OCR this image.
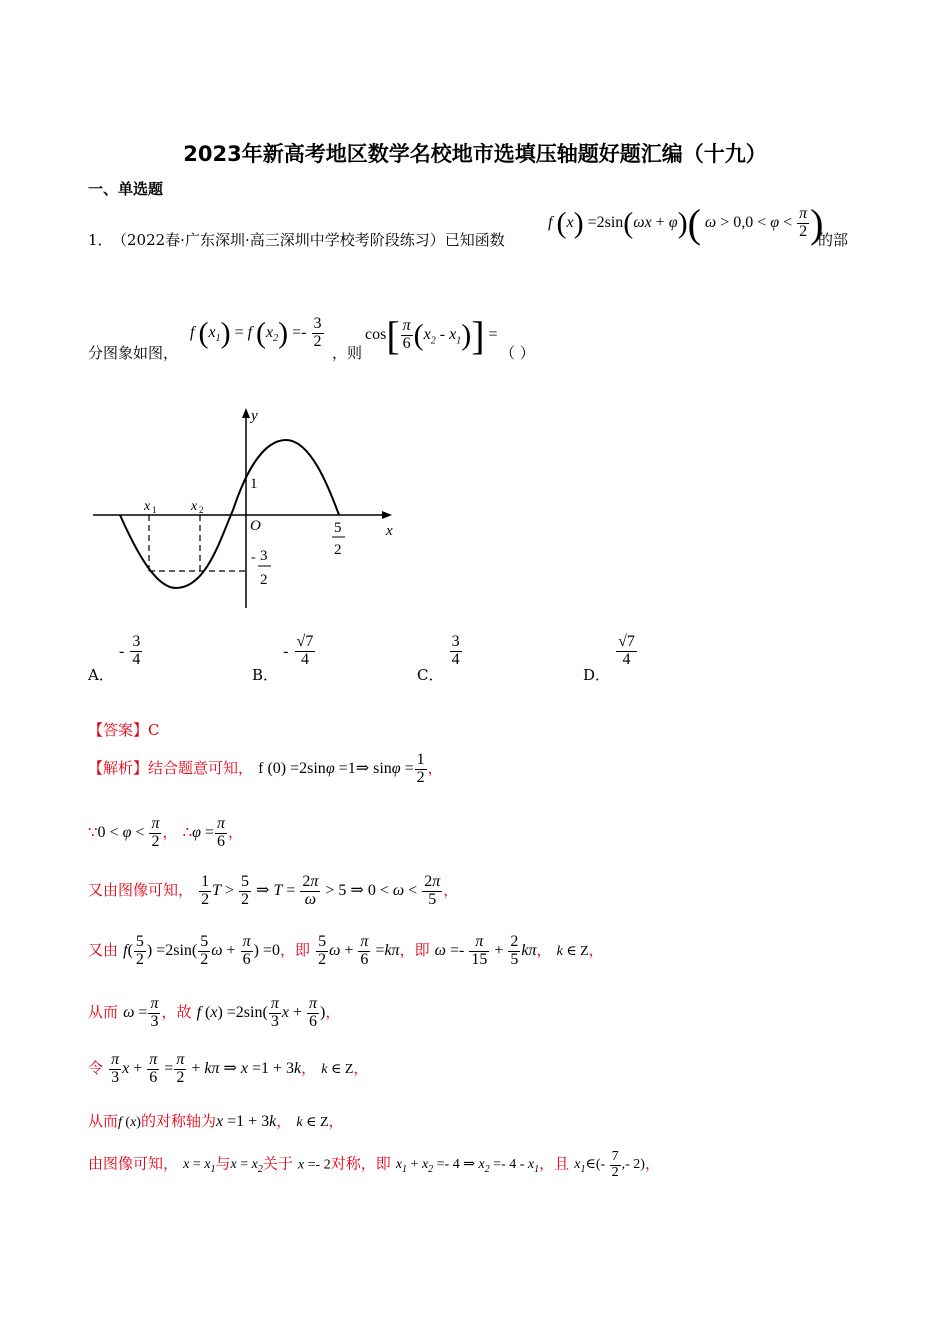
2023年新高考地区数学名校地市选填压轴题好题汇编（十九）
一、单选题
1． （2022春·广东深圳·高三深圳中学校考阶段练习）已知函数
f (x) =2sin(ωx + φ)( $\omega > 0,0 < \varphi < \frac{\pi}{2}$ )
的部
分图象如图，
f $(x_1) = f$ $(x_2) =- \frac{3}{2}$
，则
$\cos[ \frac{\pi}{6} (x_2 - x_1)]$ =
（ ）
y
x
O
x 1 x 2
1
5
2
- 3
2
A． - $\frac{3}{4}$
B． - $\frac{√7}{4}$
C．
$\frac{3}{4}$
D．
$\frac{√7}{4}$
【答案】C
【解析】结合题意可知， f (0) =2sinφ =1⇒ $\sin\varphi = \frac{1}{2}$ ，
∵0 < $\varphi < \frac{\pi}{2}$ ， ∴φ = $\frac{\pi}{6}$ ，
又由图像可知， $\frac{1}{2}$ $T > \frac{5}{2}$ ⇒ $T = \frac{2\pi}{\omega} > 5$ ⇒ $0 < \omega < \frac{2\pi}{5}$ ，
又由 $f( \frac{5}{2}$ ) $=2\sin( \frac{5}{2}$ $\omega + \frac{\pi}{6}$ ) =0，即 $\frac{5}{2}$ $\omega + \frac{\pi}{6} =k\pi$，即 $\omega =- \frac{\pi}{15} + \frac{2}{5}$ kπ， k ∈ Z，
从而 $\omega = \frac{\pi}{3}$ ，故 f $(x) =2\sin( \frac{\pi}{3}$ $x + \frac{\pi}{6}$ )，
令 $\frac{\pi}{3}$ $x + \frac{\pi}{6} = \frac{\pi}{2} + k\pi$ ⇒ x =1 + 3k， k ∈ Z，
从而f (x)的对称轴为x =1 + 3k， k ∈ Z，
由图像可知， $x = x_1$与$x = x_2$关于 x =- 2对称，即 $x_1 + x_2 =- 4$ ⇒ $x_2 =- 4 - x_1$，且 $x_1\in(- \frac{7}{2}$ ,- 2)，
